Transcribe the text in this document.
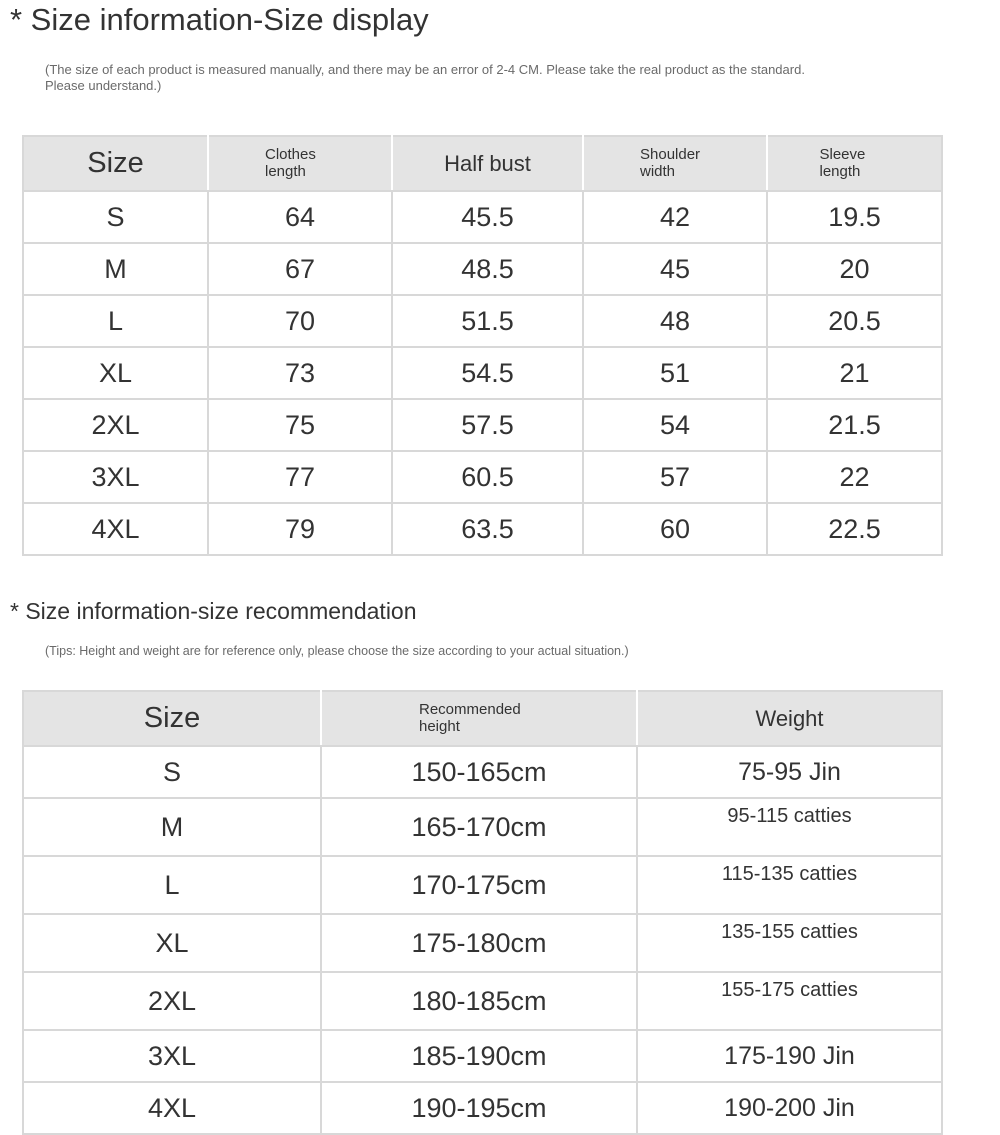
* Size information-Size display

(The size of each product is measured manually, and there may be an error of 2-4 CM. Please take the real product as the standard. Please understand.)

Size	Clothes length	Half bust	Shoulder width	Sleeve length
S	64	45.5	42	19.5
M	67	48.5	45	20
L	70	51.5	48	20.5
XL	73	54.5	51	21
2XL	75	57.5	54	21.5
3XL	77	60.5	57	22
4XL	79	63.5	60	22.5
* Size information-size recommendation

(Tips: Height and weight are for reference only, please choose the size according to your actual situation.)

Size	Recommended height	Weight
S	150-165cm	75-95 Jin
M	165-170cm	95-115 catties
L	170-175cm	115-135 catties
XL	175-180cm	135-155 catties
2XL	180-185cm	155-175 catties
3XL	185-190cm	175-190 Jin
4XL	190-195cm	190-200 Jin
